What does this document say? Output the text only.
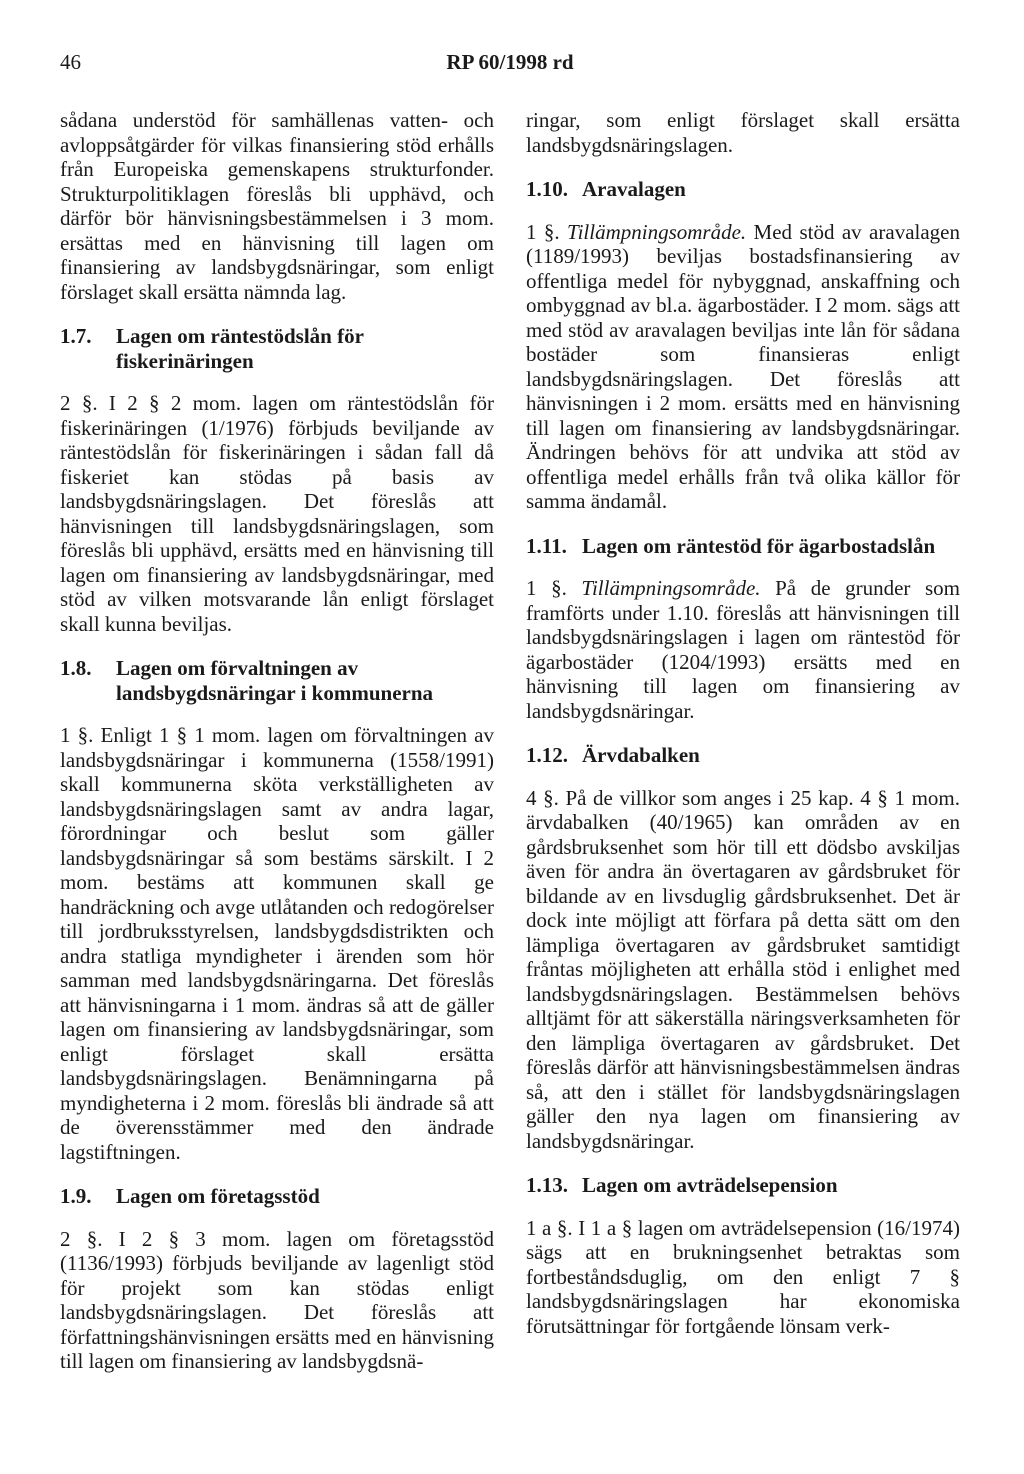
46	RP 60/1998 rd

sådana understöd för samhällenas vatten- och avloppsåtgärder för vilkas finansiering stöd erhålls från Europeiska gemenskapens strukturfonder. Strukturpolitiklagen föreslås bli upphävd, och därför bör hänvisningsbestämmelsen i 3 mom. ersättas med en hänvisning till lagen om finansiering av landsbygdsnäringar, som enligt förslaget skall ersätta nämnda lag.

1.7.	Lagen om räntestödslån för fiskerinäringen

2 §. I 2 § 2 mom. lagen om räntestödslån för fiskerinäringen (1/1976) förbjuds beviljande av räntestödslån för fiskerinäringen i sådan fall då fiskeriet kan stödas på basis av landsbygdsnäringslagen. Det föreslås att hänvisningen till landsbygdsnäringslagen, som föreslås bli upphävd, ersätts med en hänvisning till lagen om finansiering av landsbygdsnäringar, med stöd av vilken motsvarande lån enligt förslaget skall kunna beviljas.

1.8.	Lagen om förvaltningen av landsbygdsnäringar i kommunerna

1 §. Enligt 1 § 1 mom. lagen om förvaltningen av landsbygdsnäringar i kommunerna (1558/1991) skall kommunerna sköta verkställigheten av landsbygdsnäringslagen samt av andra lagar, förordningar och beslut som gäller landsbygdsnäringar så som bestäms särskilt. I 2 mom. bestäms att kommunen skall ge handräckning och avge utlåtanden och redogörelser till jordbruksstyrelsen, landsbygdsdistrikten och andra statliga myndigheter i ärenden som hör samman med landsbygdsnäringarna. Det föreslås att hänvisningarna i 1 mom. ändras så att de gäller lagen om finansiering av landsbygdsnäringar, som enligt förslaget skall ersätta landsbygdsnäringslagen. Benämningarna på myndigheterna i 2 mom. föreslås bli ändrade så att de överensstämmer med den ändrade lagstiftningen.

1.9.	Lagen om företagsstöd

2 §. I 2 § 3 mom. lagen om företagsstöd (1136/1993) förbjuds beviljande av lagenligt stöd för projekt som kan stödas enligt landsbygdsnäringslagen. Det föreslås att författningshänvisningen ersätts med en hänvisning till lagen om finansiering av landsbygdsnä-

ringar, som enligt förslaget skall ersätta landsbygdsnäringslagen.

1.10. Aravalagen

1 §. Tillämpningsområde. Med stöd av aravalagen (1189/1993) beviljas bostadsfinansiering av offentliga medel för nybyggnad, anskaffning och ombyggnad av bl.a. ägarbostäder. I 2 mom. sägs att med stöd av aravalagen beviljas inte lån för sådana bostäder som finansieras enligt landsbygdsnäringslagen. Det föreslås att hänvisningen i 2 mom. ersätts med en hänvisning till lagen om finansiering av landsbygdsnäringar. Ändringen behövs för att undvika att stöd av offentliga medel erhålls från två olika källor för samma ändamål.

1.11. Lagen om räntestöd för ägarbostadslån

1 §. Tillämpningsområde. På de grunder som framförts under 1.10. föreslås att hänvisningen till landsbygdsnäringslagen i lagen om räntestöd för ägarbostäder (1204/1993) ersätts med en hänvisning till lagen om finansiering av landsbygdsnäringar.

1.12. Ärvdabalken

4 §. På de villkor som anges i 25 kap. 4 § 1 mom. ärvdabalken (40/1965) kan områden av en gårdsbruksenhet som hör till ett dödsbo avskiljas även för andra än övertagaren av gårdsbruket för bildande av en livsduglig gårdsbruksenhet. Det är dock inte möjligt att förfara på detta sätt om den lämpliga övertagaren av gårdsbruket samtidigt fråntas möjligheten att erhålla stöd i enlighet med landsbygdsnäringslagen. Bestämmelsen behövs alltjämt för att säkerställa näringsverksamheten för den lämpliga övertagaren av gårdsbruket. Det föreslås därför att hänvisningsbestämmelsen ändras så, att den i stället för landsbygdsnäringslagen gäller den nya lagen om finansiering av landsbygdsnäringar.

1.13. Lagen om avträdelsepension

1 a §. I 1 a § lagen om avträdelsepension (16/1974) sägs att en brukningsenhet betraktas som fortbeståndsduglig, om den enligt 7 § landsbygdsnäringslagen har ekonomiska förutsättningar för fortgående lönsam verk-
